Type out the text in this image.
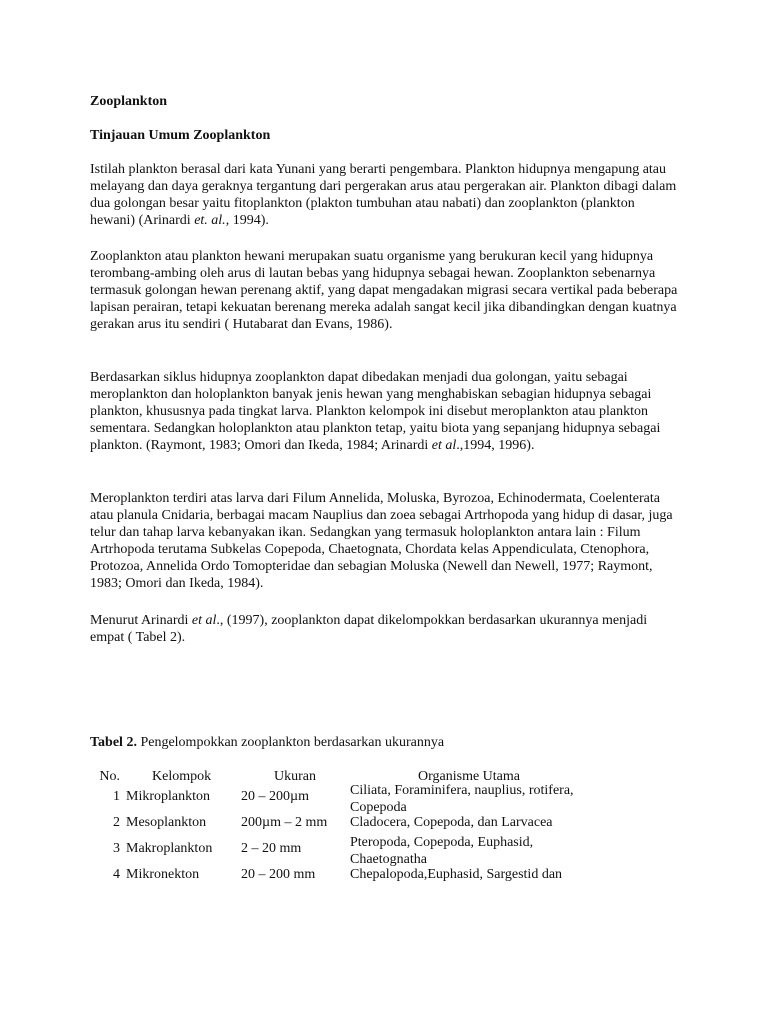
Zooplankton

Tinjauan Umum Zooplankton

Istilah plankton berasal dari kata Yunani yang berarti pengembara. Plankton hidupnya mengapung atau melayang dan daya geraknya tergantung dari pergerakan arus atau pergerakan air. Plankton dibagi dalam dua golongan besar yaitu fitoplankton (plakton tumbuhan atau nabati) dan zooplankton (plankton hewani) (Arinardi et. al., 1994).

Zooplankton atau plankton hewani merupakan suatu organisme yang berukuran kecil yang hidupnya terombang-ambing oleh arus di lautan bebas yang hidupnya sebagai hewan. Zooplankton sebenarnya termasuk golongan hewan perenang aktif, yang dapat mengadakan migrasi secara vertikal pada beberapa lapisan perairan, tetapi kekuatan berenang mereka adalah sangat kecil jika dibandingkan dengan kuatnya gerakan arus itu sendiri ( Hutabarat dan Evans, 1986).

Berdasarkan siklus hidupnya zooplankton dapat dibedakan menjadi dua golongan, yaitu sebagai meroplankton dan holoplankton banyak jenis hewan yang menghabiskan sebagian hidupnya sebagai plankton, khususnya pada tingkat larva. Plankton kelompok ini disebut meroplankton atau plankton sementara. Sedangkan holoplankton atau plankton tetap, yaitu biota yang sepanjang hidupnya sebagai plankton. (Raymont, 1983; Omori dan Ikeda, 1984; Arinardi et al.,1994, 1996).

Meroplankton terdiri atas larva dari Filum Annelida, Moluska, Byrozoa, Echinodermata, Coelenterata atau planula Cnidaria, berbagai macam Nauplius dan zoea sebagai Artrhopoda yang hidup di dasar, juga telur dan tahap larva kebanyakan ikan. Sedangkan yang termasuk holoplankton antara lain : Filum Artrhopoda terutama Subkelas Copepoda, Chaetognata, Chordata kelas Appendiculata, Ctenophora, Protozoa, Annelida Ordo Tomopteridae dan sebagian Moluska (Newell dan Newell, 1977; Raymont, 1983; Omori dan Ikeda, 1984).

Menurut Arinardi et al., (1997), zooplankton dapat dikelompokkan berdasarkan ukurannya menjadi empat ( Tabel 2).

Tabel 2. Pengelompokkan zooplankton berdasarkan ukurannya

No. Kelompok	Ukuran	Organisme Utama
1 Mikroplankton	20 – 200µm	Ciliata, Foraminifera, nauplius, rotifera, Copepoda
2 Mesoplankton	200µm – 2 mm	Cladocera, Copepoda, dan Larvacea
3 Makroplankton	2 – 20 mm	Pteropoda, Copepoda, Euphasid, Chaetognatha
4 Mikronekton	20 – 200 mm	Chepalopoda,Euphasid, Sargestid dan
